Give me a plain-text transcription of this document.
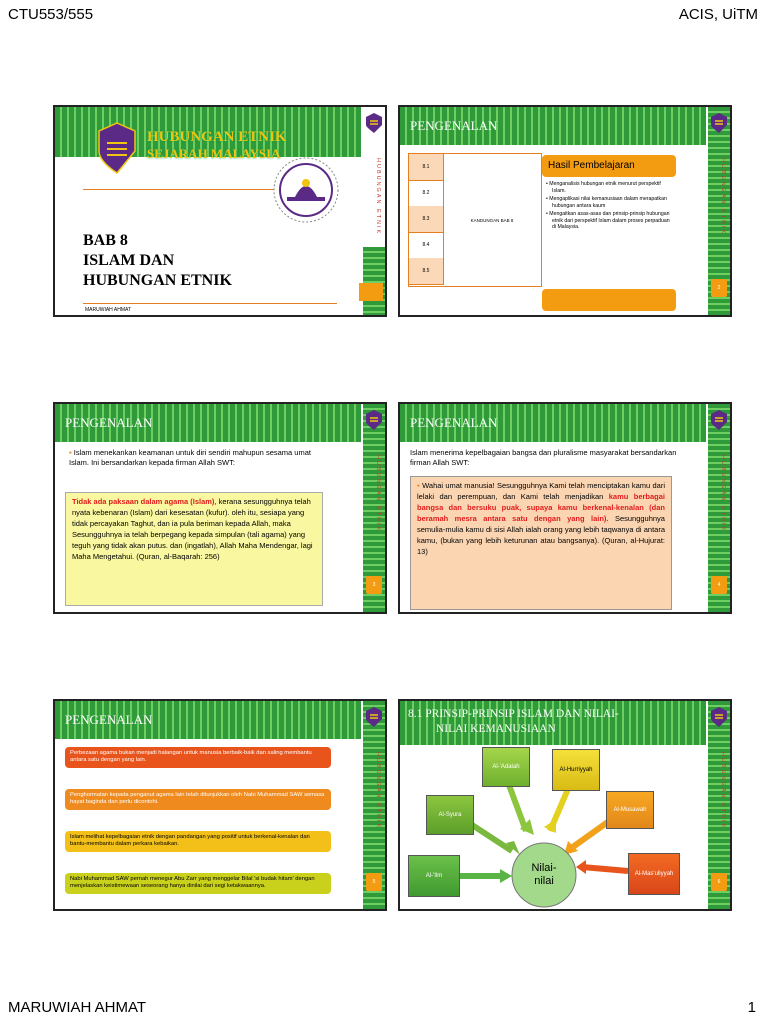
CTU553/555	ACIS, UiTM
HUBUNGAN ETNIK
HUBUNGAN ETNIK
SEJARAH MALAYSIA
BAB 8
ISLAM DAN
HUBUNGAN ETNIK
MARUWIAH AHMAT
HUBUNGAN ETNIK
PENGENALAN
8.1
8.2
8.3
8.4
8.5
KANDUNGAN BAB 8
Hasil Pembelajaran
• Menganalisis hubungan etnik menurut perspektif Islam.
• Mengaplikasi nilai kemanusiaan dalam merapatkan hubungan antara kaum
• Mengaitkan asas-asas dan prinsip-prinsip hubungan etnik dari perspektif Islam dalam proses perpaduan di Malaysia.
2
HUBUNGAN ETNIK
PENGENALAN
▪ Islam menekankan keamanan untuk diri sendiri mahupun sesama umat Islam. Ini bersandarkan kepada firman Allah SWT:
Tidak ada paksaan dalam agama (Islam), kerana sesungguhnya telah nyata kebenaran (Islam) dari kesesatan (kufur). oleh itu, sesiapa yang tidak percayakan Taghut, dan ia pula beriman kepada Allah, maka Sesungguhnya ia telah berpegang kepada simpulan (tali agama) yang teguh yang tidak akan putus. dan (ingatlah), Allah Maha Mendengar, lagi Maha Mengetahui. (Quran, al-Baqarah: 256)
3
HUBUNGAN ETNIK
PENGENALAN
Islam menerima kepelbagaian bangsa dan pluralisme masyarakat bersandarkan firman Allah SWT:
▪ Wahai umat manusia! Sesungguhnya Kami telah menciptakan kamu dari lelaki dan perempuan, dan Kami telah menjadikan kamu berbagai bangsa dan bersuku puak, supaya kamu berkenal-kenalan (dan beramah mesra antara satu dengan yang lain). Sesungguhnya semulia-mulia kamu di sisi Allah ialah orang yang lebih taqwanya di antara kamu, (bukan yang lebih keturunan atau bangsanya). (Quran, al-Hujurat: 13)
4
HUBUNGAN ETNIK
PENGENALAN
Perbezaan agama bukan menjadi halangan untuk manusia berbaik-baik dan saling membantu antara satu dengan yang lain.
Penghormatan kepada penganut agama lain telah ditunjukkan oleh Nabi Muhammad SAW semasa hayat baginda dan perlu dicontohi.
Islam melihat kepelbagaian etnik dengan pandangan yang positif untuk berkenal-kenalan dan bantu-membantu dalam perkara kebaikan.
Nabi Muhammad SAW pernah menegur Abu Zarr yang menggelar Bilal 'si budak hitam' dengan menjelaskan keistimewaan seseorang hanya dinilai dari segi ketakwaannya.
5
HUBUNGAN ETNIK
8.1 PRINSIP-PRINSIP ISLAM DAN NILAI-
NILAI KEMANUSIAAN
Nilai-nilai
Al-'Adalah	Al-Hurriyyah
Al-Syura
Al-Musawah
Al-'Ilm	Al-Mas'uliyyah
6
MARUWIAH AHMAT	1
